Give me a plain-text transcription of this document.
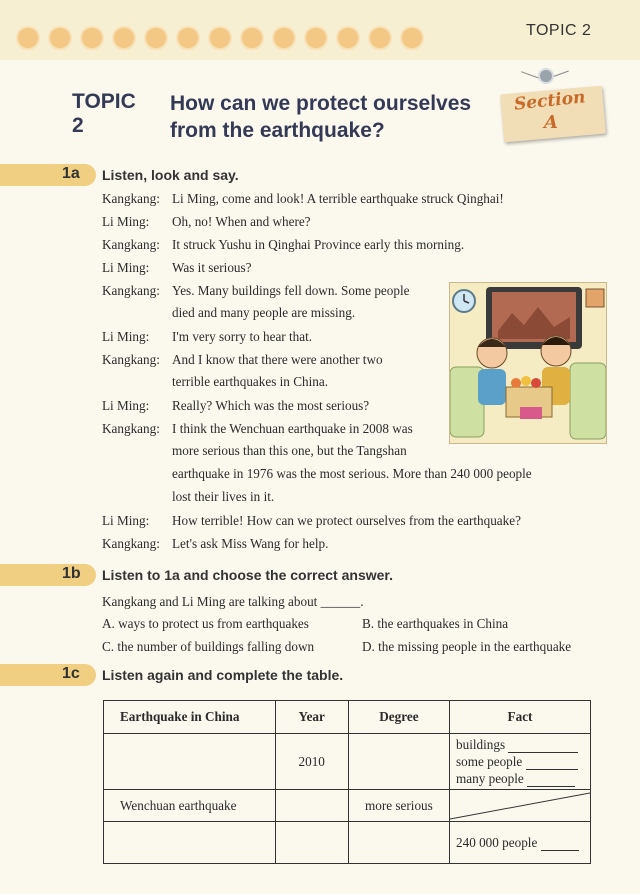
TOPIC 2
TOPIC 2
How can we protect ourselves
from the earthquake?
Section
A
1a Listen, look and say.
Kangkang: Li Ming, come and look! A terrible earthquake struck Qinghai!
Li Ming: Oh, no! When and where?
Kangkang: It struck Yushu in Qinghai Province early this morning.
Li Ming: Was it serious?
Kangkang: Yes. Many buildings fell down. Some people
died and many people are missing.
Li Ming: I'm very sorry to hear that.
Kangkang: And I know that there were another two
terrible earthquakes in China.
Li Ming: Really? Which was the most serious?
Kangkang: I think the Wenchuan earthquake in 2008 was
more serious than this one, but the Tangshan
earthquake in 1976 was the most serious. More than 240 000 people
lost their lives in it.
Li Ming: How terrible! How can we protect ourselves from the earthquake?
Kangkang: Let's ask Miss Wang for help.
1b Listen to 1a and choose the correct answer.
Kangkang and Li Ming are talking about ______.
A. ways to protect us from earthquakes	B. the earthquakes in China
C. the number of buildings falling down	D. the missing people in the earthquake
1c Listen again and complete the table.
Earthquake in China	Year	Degree	Fact
	2010		buildings
some people
many people

Wenchuan earthquake		more serious	

			240 000 people
